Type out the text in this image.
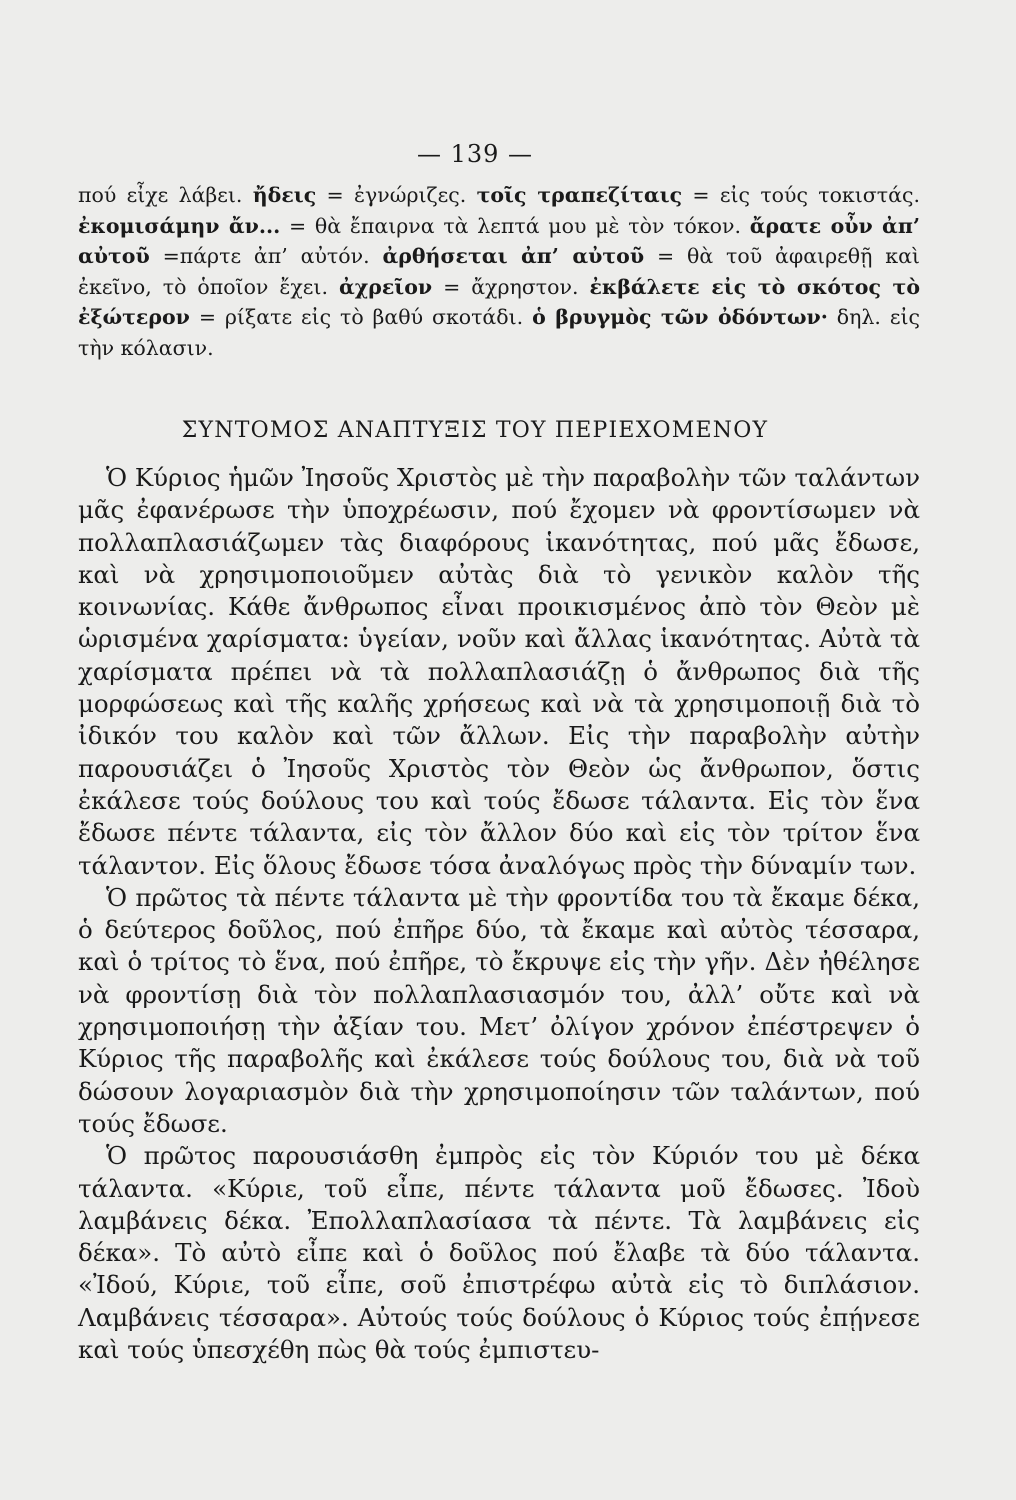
— 139 —
πού εἶχε λάβει. ἤδεις = ἐγνώριζες. τοῖς τραπεζίταις = εἰς τούς τοκιστάς. ἐκομισάμην ἄν... = θὰ ἔπαιρνα τὰ λεπτά μου μὲ τὸν τόκον. ἄρατε οὖν ἀπ’ αὐτοῦ =πάρτε ἀπ’ αὐτόν. ἀρθήσεται ἀπ’ αὐτοῦ = θὰ τοῦ ἀφαιρεθῇ καὶ ἐκεῖνο, τὸ ὁποῖον ἔχει. ἀχρεῖον = ἄχρηστον. ἐκβάλετε εἰς τὸ σκότος τὸ ἐξώτερον = ρίξατε εἰς τὸ βαθύ σκοτάδι. ὁ βρυγμὸς τῶν ὀδόντων· δηλ. εἰς τὴν κόλασιν.
ΣΥΝΤΟΜΟΣ ΑΝΑΠΤΥΞΙΣ ΤΟΥ ΠΕΡΙΕΧΟΜΕΝΟΥ

Ὁ Κύριος ἡμῶν Ἰησοῦς Χριστὸς μὲ τὴν παραβολὴν τῶν ταλάντων μᾶς ἐφανέρωσε τὴν ὑποχρέωσιν, πού ἔχομεν νὰ φροντίσωμεν νὰ πολλαπλασιάζωμεν τὰς διαφόρους ἱκανότητας, πού μᾶς ἔδωσε, καὶ νὰ χρησιμοποιοῦμεν αὐτὰς διὰ τὸ γενικὸν καλὸν τῆς κοινωνίας. Κάθε ἄνθρωπος εἶναι προικισμένος ἀπὸ τὸν Θεὸν μὲ ὡρισμένα χαρίσματα: ὑγείαν, νοῦν καὶ ἄλλας ἱκανότητας. Αὐτὰ τὰ χαρίσματα πρέπει νὰ τὰ πολλαπλασιάζῃ ὁ ἄνθρωπος διὰ τῆς μορφώσεως καὶ τῆς καλῆς χρήσεως καὶ νὰ τὰ χρησιμοποιῇ διὰ τὸ ἰδικόν του καλὸν καὶ τῶν ἄλλων. Εἰς τὴν παραβολὴν αὐτὴν παρουσιάζει ὁ Ἰησοῦς Χριστὸς τὸν Θεὸν ὡς ἄνθρωπον, ὅστις ἐκάλεσε τούς δούλους του καὶ τούς ἔδωσε τάλαντα. Εἰς τὸν ἕνα ἔδωσε πέντε τάλαντα, εἰς τὸν ἄλλον δύο καὶ εἰς τὸν τρίτον ἕνα τάλαντον. Εἰς ὅλους ἔδωσε τόσα ἀναλόγως πρὸς τὴν δύναμίν των.

Ὁ πρῶτος τὰ πέντε τάλαντα μὲ τὴν φροντίδα του τὰ ἔκαμε δέκα, ὁ δεύτερος δοῦλος, πού ἐπῆρε δύο, τὰ ἔκαμε καὶ αὐτὸς τέσσαρα, καὶ ὁ τρίτος τὸ ἕνα, πού ἐπῆρε, τὸ ἔκρυψε εἰς τὴν γῆν. Δὲν ἠθέλησε νὰ φροντίσῃ διὰ τὸν πολλαπλασιασμόν του, ἀλλ’ οὔτε καὶ νὰ χρησιμοποιήσῃ τὴν ἀξίαν του. Μετ’ ὀλίγον χρόνον ἐπέστρεψεν ὁ Κύριος τῆς παραβολῆς καὶ ἐκάλεσε τούς δούλους του, διὰ νὰ τοῦ δώσουν λογαριασμὸν διὰ τὴν χρησιμοποίησιν τῶν ταλάντων, πού τούς ἔδωσε.

Ὁ πρῶτος παρουσιάσθη ἐμπρὸς εἰς τὸν Κύριόν του μὲ δέκα τάλαντα. «Κύριε, τοῦ εἶπε, πέντε τάλαντα μοῦ ἔδωσες. Ἰδοὺ λαμβάνεις δέκα. Ἐπολλαπλασίασα τὰ πέντε. Τὰ λαμβάνεις εἰς δέκα». Τὸ αὐτὸ εἶπε καὶ ὁ δοῦλος πού ἔλαβε τὰ δύο τάλαντα. «Ἰδού, Κύριε, τοῦ εἶπε, σοῦ ἐπιστρέφω αὐτὰ εἰς τὸ διπλάσιον. Λαμβάνεις τέσσαρα». Αὐτούς τούς δούλους ὁ Κύριος τούς ἐπῄνεσε καὶ τούς ὑπεσχέθη πὼς θὰ τούς ἐμπιστευ-
